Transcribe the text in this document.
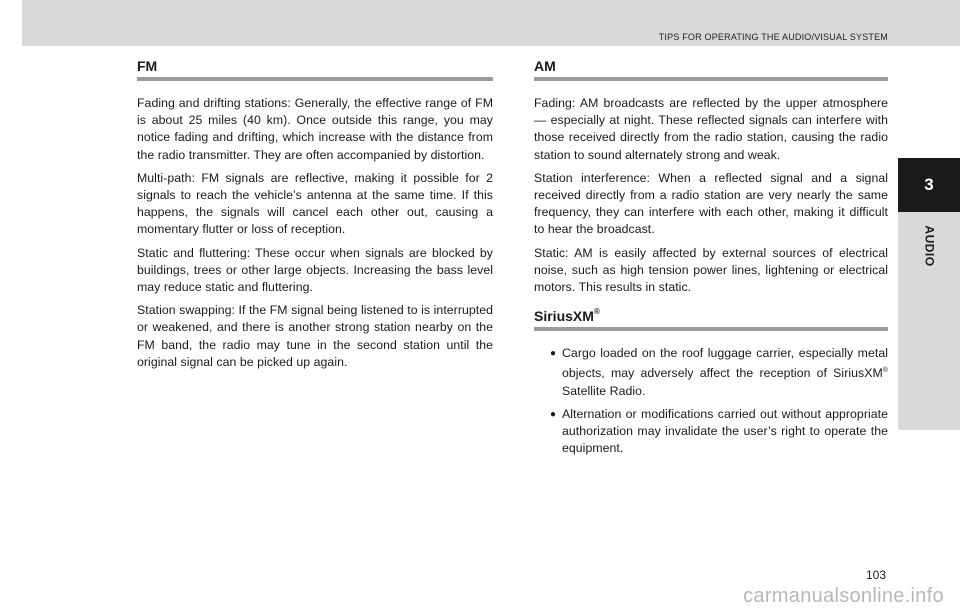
TIPS FOR OPERATING THE AUDIO/VISUAL SYSTEM
3
AUDIO
FM

Fading and drifting stations: Generally, the effective range of FM is about 25 miles (40 km). Once outside this range, you may notice fading and drifting, which increase with the distance from the radio transmitter. They are often accompanied by distortion.

Multi-path: FM signals are reflective, making it possible for 2 signals to reach the vehicle’s antenna at the same time. If this happens, the signals will cancel each other out, causing a momentary flutter or loss of reception.

Static and fluttering: These occur when signals are blocked by buildings, trees or other large objects. Increasing the bass level may reduce static and fluttering.

Station swapping: If the FM signal being listened to is interrupted or weakened, and there is another strong station nearby on the FM band, the radio may tune in the second station until the original signal can be picked up again.

AM

Fading: AM broadcasts are reflected by the upper atmosphere — especially at night. These reflected signals can interfere with those received directly from the radio station, causing the radio station to sound alternately strong and weak.

Station interference: When a reflected signal and a signal received directly from a radio station are very nearly the same frequency, they can interfere with each other, making it difficult to hear the broadcast.

Static: AM is easily affected by external sources of electrical noise, such as high tension power lines, lightening or electrical motors. This results in static.

SiriusXM®
● Cargo loaded on the roof luggage carrier, especially metal objects, may adversely affect the reception of SiriusXM® Satellite Radio.
● Alternation or modifications carried out without appropriate authorization may invalidate the user’s right to operate the equipment.
103
carmanualsonline.info
